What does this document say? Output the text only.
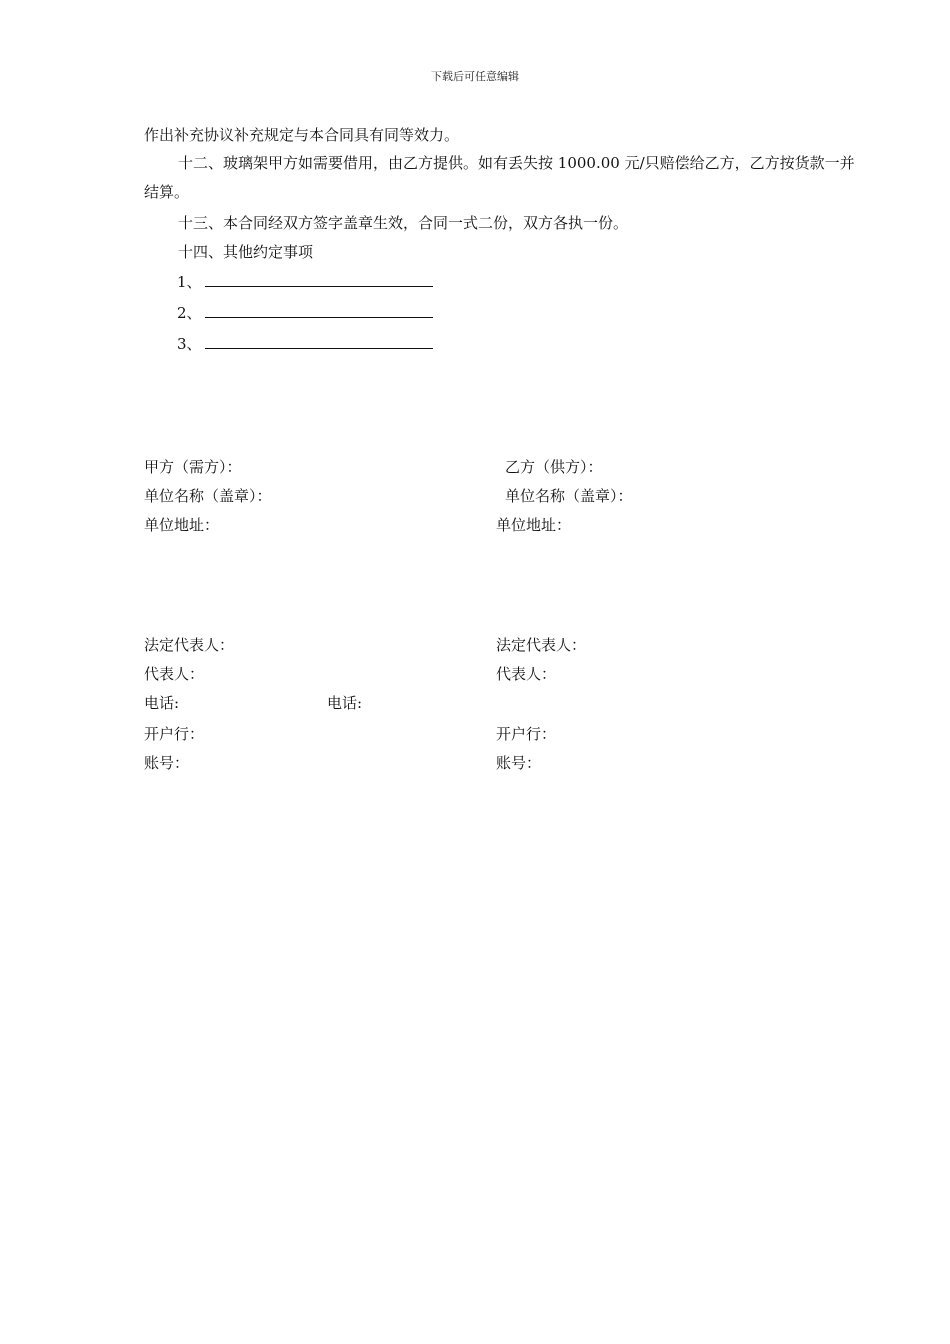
下载后可任意编辑
作出补充协议补充规定与本合同具有同等效力。
十二、玻璃架甲方如需要借用，由乙方提供。如有丢失按 1000.00 元/只赔偿给乙方，乙方按货款一并结算。
十三、本合同经双方签字盖章生效，合同一式二份，双方各执一份。
十四、其他约定事项
1、
2、
3、
甲方（需方）：
单位名称（盖章）：
单位地址：
法定代表人：
代表人：
电话:
开户行：
账号：
乙方（供方）：
单位名称（盖章）：
单位地址：
法定代表人：
代表人：
电话:
开户行：
账号：
